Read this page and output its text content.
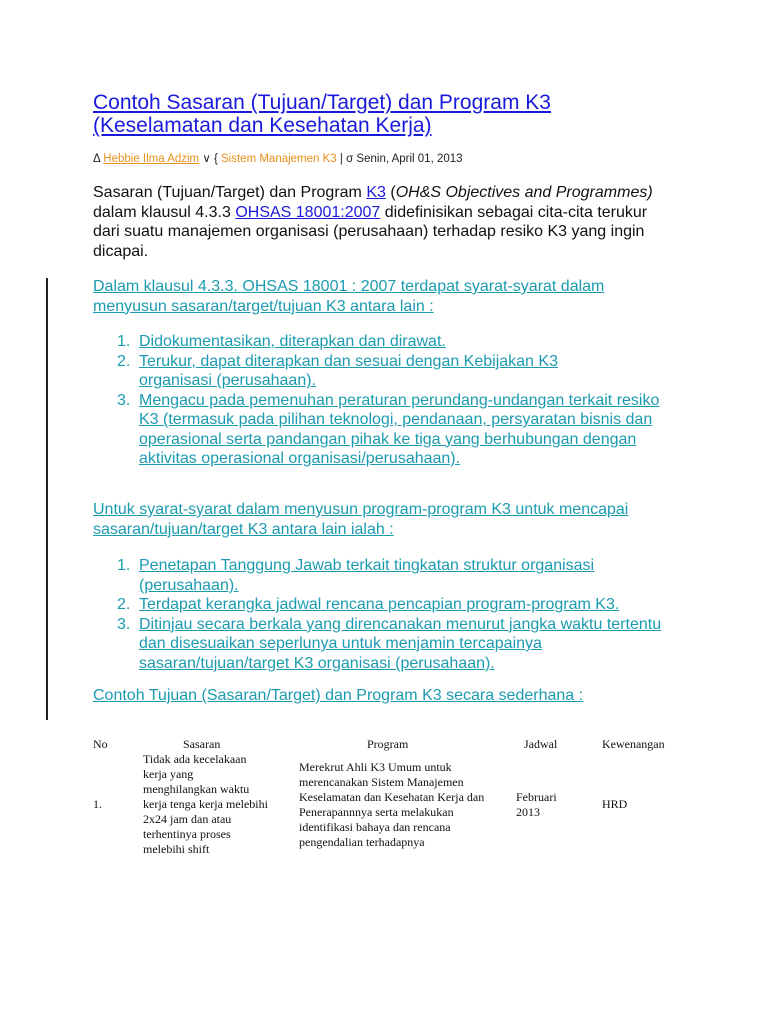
Contoh Sasaran (Tujuan/Target) dan Program K3 (Keselamatan dan Kesehatan Kerja)
Δ Hebbie Ilma Adzim ∨ { Sistem Manajemen K3 | σ Senin, April 01, 2013
Sasaran (Tujuan/Target) dan Program K3 (OH&S Objectives and Programmes) dalam klausul 4.3.3 OHSAS 18001:2007 didefinisikan sebagai cita-cita terukur dari suatu manajemen organisasi (perusahaan) terhadap resiko K3 yang ingin dicapai.
Dalam klausul 4.3.3. OHSAS 18001 : 2007 terdapat syarat-syarat dalam menyusun sasaran/target/tujuan K3 antara lain :
1. Didokumentasikan, diterapkan dan dirawat.
2. Terukur, dapat diterapkan dan sesuai dengan Kebijakan K3 organisasi (perusahaan).
3. Mengacu pada pemenuhan peraturan perundang-undangan terkait resiko K3 (termasuk pada pilihan teknologi, pendanaan, persyaratan bisnis dan operasional serta pandangan pihak ke tiga yang berhubungan dengan aktivitas operasional organisasi/perusahaan).
Untuk syarat-syarat dalam menyusun program-program K3 untuk mencapai sasaran/tujuan/target K3 antara lain ialah :
1. Penetapan Tanggung Jawab terkait tingkatan struktur organisasi (perusahaan).
2. Terdapat kerangka jadwal rencana pencapian program-program K3.
3. Ditinjau secara berkala yang direncanakan menurut jangka waktu tertentu dan disesuaikan seperlunya untuk menjamin tercapainya sasaran/tujuan/target K3 organisasi (perusahaan).
Contoh Tujuan (Sasaran/Target) dan Program K3 secara sederhana :
No	Sasaran	Program	Jadwal	Kewenangan
1.	Tidak ada kecelakaan kerja yang menghilangkan waktu kerja tenga kerja melebihi 2x24 jam dan atau terhentinya proses melebihi shift	Merekrut Ahli K3 Umum untuk merencanakan Sistem Manajemen Keselamatan dan Kesehatan Kerja dan Penerapannnya serta melakukan identifikasi bahaya dan rencana pengendalian terhadapnya	Februari 2013	HRD
